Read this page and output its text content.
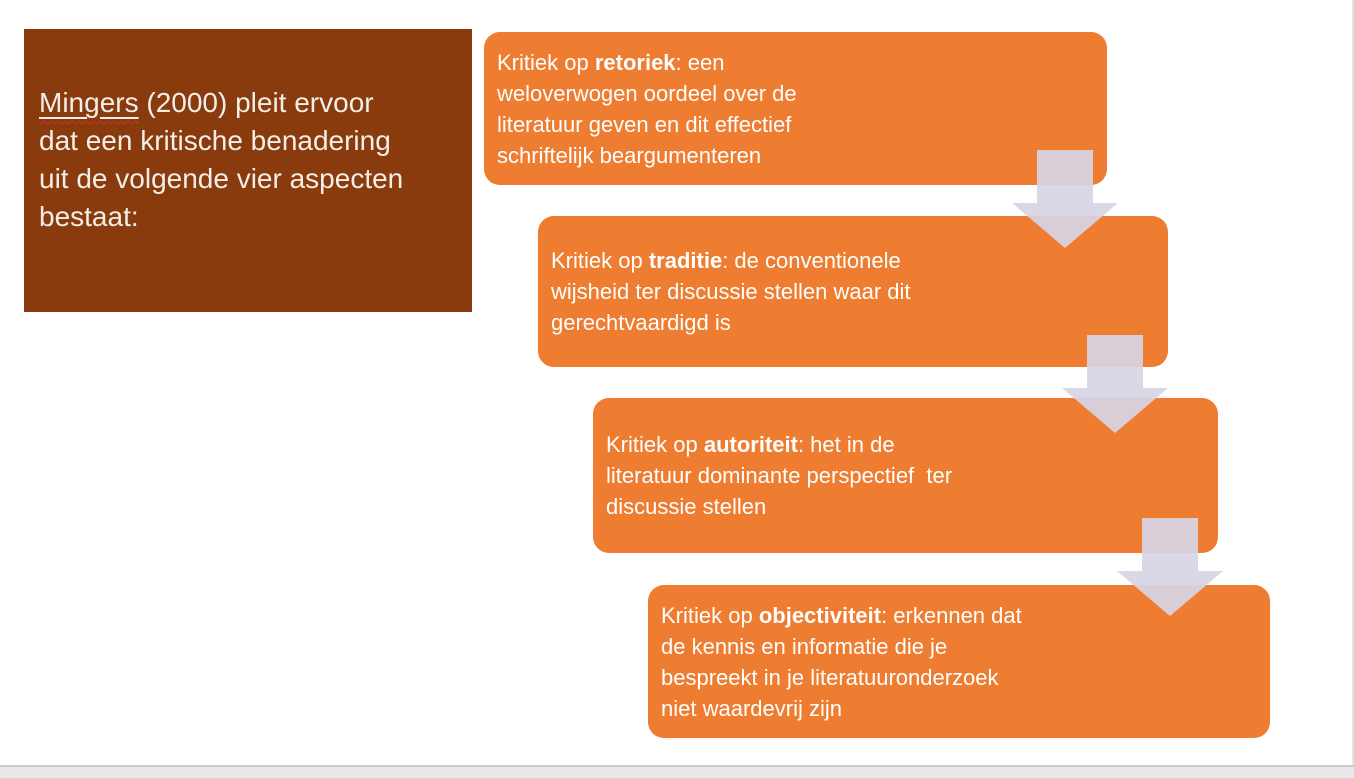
Mingers (2000) pleit ervoor
dat een kritische benadering
uit de volgende vier aspecten
bestaat:
Kritiek op retoriek: een
weloverwogen oordeel over de
literatuur geven en dit effectief
schriftelijk beargumenteren
Kritiek op traditie: de conventionele
wijsheid ter discussie stellen waar dit
gerechtvaardigd is
Kritiek op autoriteit: het in de
literatuur dominante perspectief  ter
discussie stellen
Kritiek op objectiviteit: erkennen dat
de kennis en informatie die je
bespreekt in je literatuuronderzoek
niet waardevrij zijn
